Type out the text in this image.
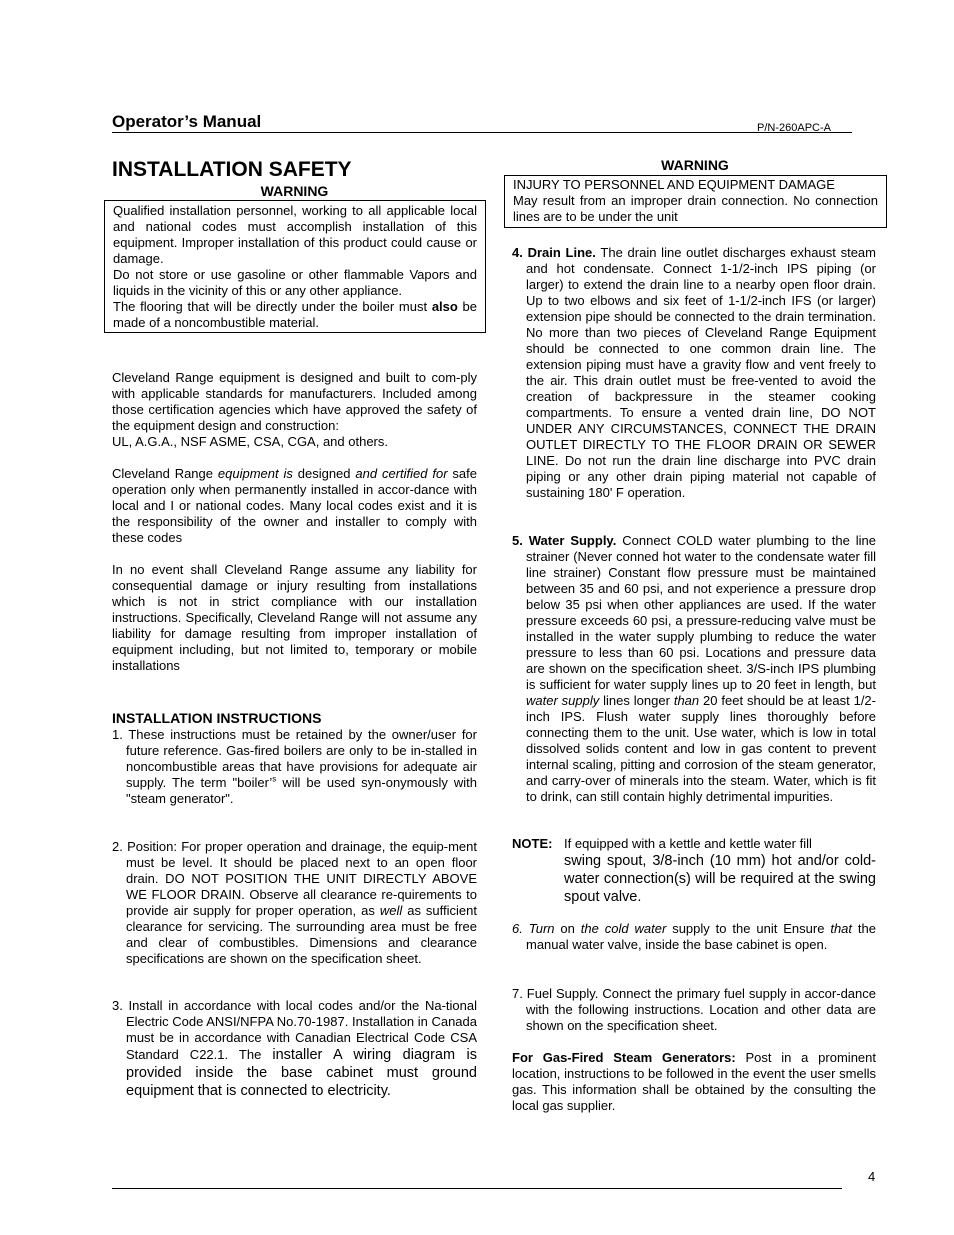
Operator’s Manual	P/N-260APC-A
INSTALLATION SAFETY
WARNING

Qualified installation personnel, working to all applicable local and national codes must accomplish installation of this equipment. Improper installation of this product could cause or damage.

Do not store or use gasoline or other flammable Vapors and liquids in the vicinity of this or any other appliance.

The flooring that will be directly under the boiler must also be made of a noncombustible material.

Cleveland Range equipment is designed and built to com-ply with applicable standards for manufacturers. Included among those certification agencies which have approved the safety of the equipment design and construction:

UL, A.G.A., NSF ASME, CSA, CGA, and others.

Cleveland Range equipment is designed and certified for safe operation only when permanently installed in accor-dance with local and I or national codes. Many local codes exist and it is the responsibility of the owner and installer to comply with these codes

In no event shall Cleveland Range assume any liability for consequential damage or injury resulting from installations which is not in strict compliance with our installation instructions. Specifically, Cleveland Range will not assume any liability for damage resulting from improper installation of equipment including, but not limited to, temporary or mobile installations

INSTALLATION INSTRUCTIONS

1. These instructions must be retained by the owner/user for future reference. Gas-fired boilers are only to be in-stalled in noncombustible areas that have provisions for adequate air supply. The term "boiler’$^s$ will be used syn-onymously with "steam generator".

2. Position: For proper operation and drainage, the equip-ment must be level. It should be placed next to an open floor drain. DO NOT POSITION THE UNIT DIRECTLY ABOVE WE FLOOR DRAIN. Observe all clearance re-quirements to provide air supply for proper operation, as well as sufficient clearance for servicing. The surrounding area must be free and clear of combustibles. Dimensions and clearance specifications are shown on the specification sheet.

3. Install in accordance with local codes and/or the Na-tional Electric Code ANSI/NFPA No.70-1987. Installation in Canada must be in accordance with Canadian Electrical Code CSA Standard C22.1. The installer A wiring diagram is provided inside the base cabinet must ground equipment that is connected to electricity.

WARNING

INJURY TO PERSONNEL AND EQUIPMENT DAMAGE

May result from an improper drain connection. No connection lines are to be under the unit

4. Drain Line. The drain line outlet discharges exhaust steam and hot condensate. Connect 1-1/2-inch IPS piping (or larger) to extend the drain line to a nearby open floor drain. Up to two elbows and six feet of 1-1/2-inch IFS (or larger) extension pipe should be connected to the drain termination. No more than two pieces of Cleveland Range Equipment should be connected to one common drain line. The extension piping must have a gravity flow and vent freely to the air. This drain outlet must be free-vented to avoid the creation of backpressure in the steamer cooking compartments. To ensure a vented drain line, DO NOT UNDER ANY CIRCUMSTANCES, CONNECT THE DRAIN OUTLET DIRECTLY TO THE FLOOR DRAIN OR SEWER LINE. Do not run the drain line discharge into PVC drain piping or any other drain piping material not capable of sustaining 180' F operation.

5. Water Supply. Connect COLD water plumbing to the line strainer (Never conned hot water to the condensate water fill line strainer) Constant flow pressure must be maintained between 35 and 60 psi, and not experience a pressure drop below 35 psi when other appliances are used. If the water pressure exceeds 60 psi, a pressure-reducing valve must be installed in the water supply plumbing to reduce the water pressure to less than 60 psi. Locations and pressure data are shown on the specification sheet. 3/S-inch IPS plumbing is sufficient for water supply lines up to 20 feet in length, but water supply lines longer than 20 feet should be at least 1/2-inch IPS. Flush water supply lines thoroughly before connecting them to the unit. Use water, which is low in total dissolved solids content and low in gas content to prevent internal scaling, pitting and corrosion of the steam generator, and carry-over of minerals into the steam. Water, which is fit to drink, can still contain highly detrimental impurities.

NOTE: If equipped with a kettle and kettle water fill

swing spout, 3/8-inch (10 mm) hot and/or cold-water connection(s) will be required at the swing spout valve.

6. Turn on the cold water supply to the unit Ensure that the manual water valve, inside the base cabinet is open.

7. Fuel Supply. Connect the primary fuel supply in accor-dance with the following instructions. Location and other data are shown on the specification sheet.

For Gas-Fired Steam Generators: Post in a prominent location, instructions to be followed in the event the user smells gas. This information shall be obtained by the consulting the local gas supplier.

4
